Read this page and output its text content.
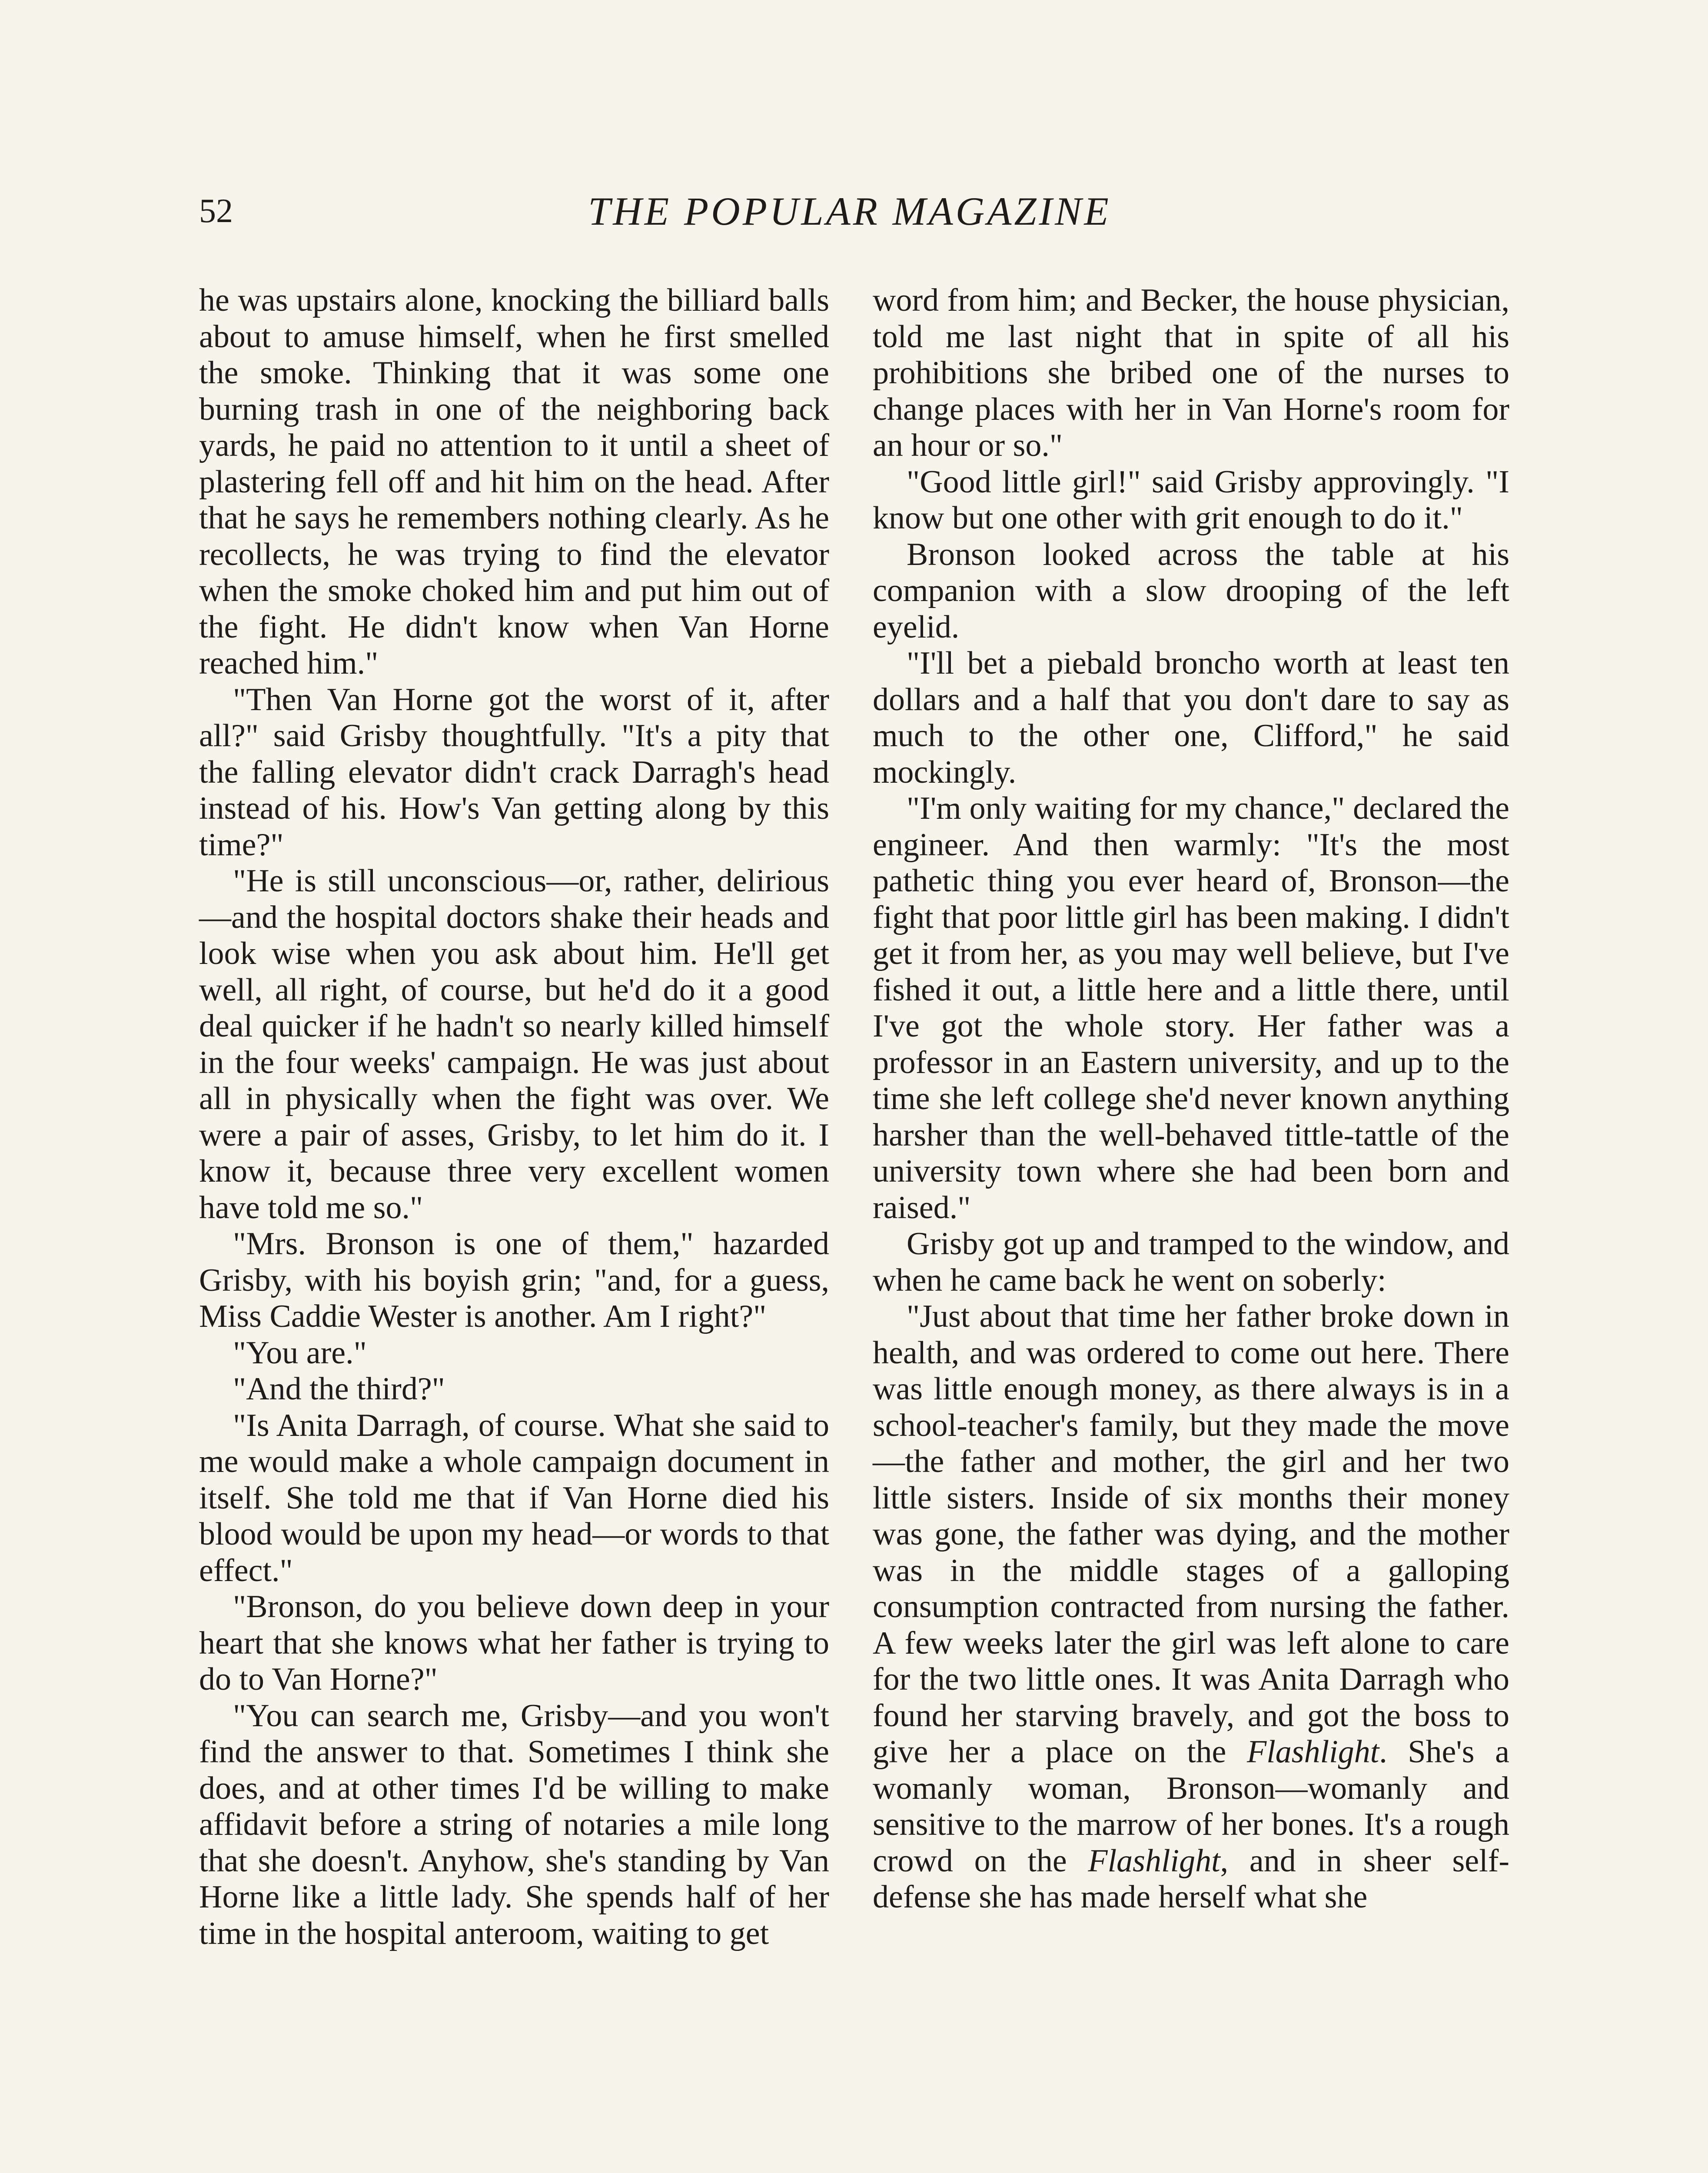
52	THE POPULAR MAGAZINE

he was upstairs alone, knocking the billiard balls about to amuse himself, when he first smelled the smoke. Thinking that it was some one burning trash in one of the neighboring back yards, he paid no attention to it until a sheet of plastering fell off and hit him on the head. After that he says he remembers nothing clearly. As he recollects, he was trying to find the elevator when the smoke choked him and put him out of the fight. He didn't know when Van Horne reached him."

"Then Van Horne got the worst of it, after all?" said Grisby thoughtfully. "It's a pity that the falling elevator didn't crack Darragh's head instead of his. How's Van getting along by this time?"

"He is still unconscious—or, rather, delirious—and the hospital doctors shake their heads and look wise when you ask about him. He'll get well, all right, of course, but he'd do it a good deal quicker if he hadn't so nearly killed himself in the four weeks' campaign. He was just about all in physically when the fight was over. We were a pair of asses, Grisby, to let him do it. I know it, because three very excellent women have told me so."

"Mrs. Bronson is one of them," hazarded Grisby, with his boyish grin; "and, for a guess, Miss Caddie Wester is another. Am I right?"

"You are."

"And the third?"

"Is Anita Darragh, of course. What she said to me would make a whole campaign document in itself. She told me that if Van Horne died his blood would be upon my head—or words to that effect."

"Bronson, do you believe down deep in your heart that she knows what her father is trying to do to Van Horne?"

"You can search me, Grisby—and you won't find the answer to that. Sometimes I think she does, and at other times I'd be willing to make affidavit before a string of notaries a mile long that she doesn't. Anyhow, she's standing by Van Horne like a little lady. She spends half of her time in the hospital anteroom, waiting to get

word from him; and Becker, the house physician, told me last night that in spite of all his prohibitions she bribed one of the nurses to change places with her in Van Horne's room for an hour or so."

"Good little girl!" said Grisby approvingly. "I know but one other with grit enough to do it."

Bronson looked across the table at his companion with a slow drooping of the left eyelid.

"I'll bet a piebald broncho worth at least ten dollars and a half that you don't dare to say as much to the other one, Clifford," he said mockingly.

"I'm only waiting for my chance," declared the engineer. And then warmly: "It's the most pathetic thing you ever heard of, Bronson—the fight that poor little girl has been making. I didn't get it from her, as you may well believe, but I've fished it out, a little here and a little there, until I've got the whole story. Her father was a professor in an Eastern university, and up to the time she left college she'd never known anything harsher than the well-behaved tittle-tattle of the university town where she had been born and raised."

Grisby got up and tramped to the window, and when he came back he went on soberly:

"Just about that time her father broke down in health, and was ordered to come out here. There was little enough money, as there always is in a school-teacher's family, but they made the move—the father and mother, the girl and her two little sisters. Inside of six months their money was gone, the father was dying, and the mother was in the middle stages of a galloping consumption contracted from nursing the father. A few weeks later the girl was left alone to care for the two little ones. It was Anita Darragh who found her starving bravely, and got the boss to give her a place on the Flashlight. She's a womanly woman, Bronson—womanly and sensitive to the marrow of her bones. It's a rough crowd on the Flashlight, and in sheer self-defense she has made herself what she
